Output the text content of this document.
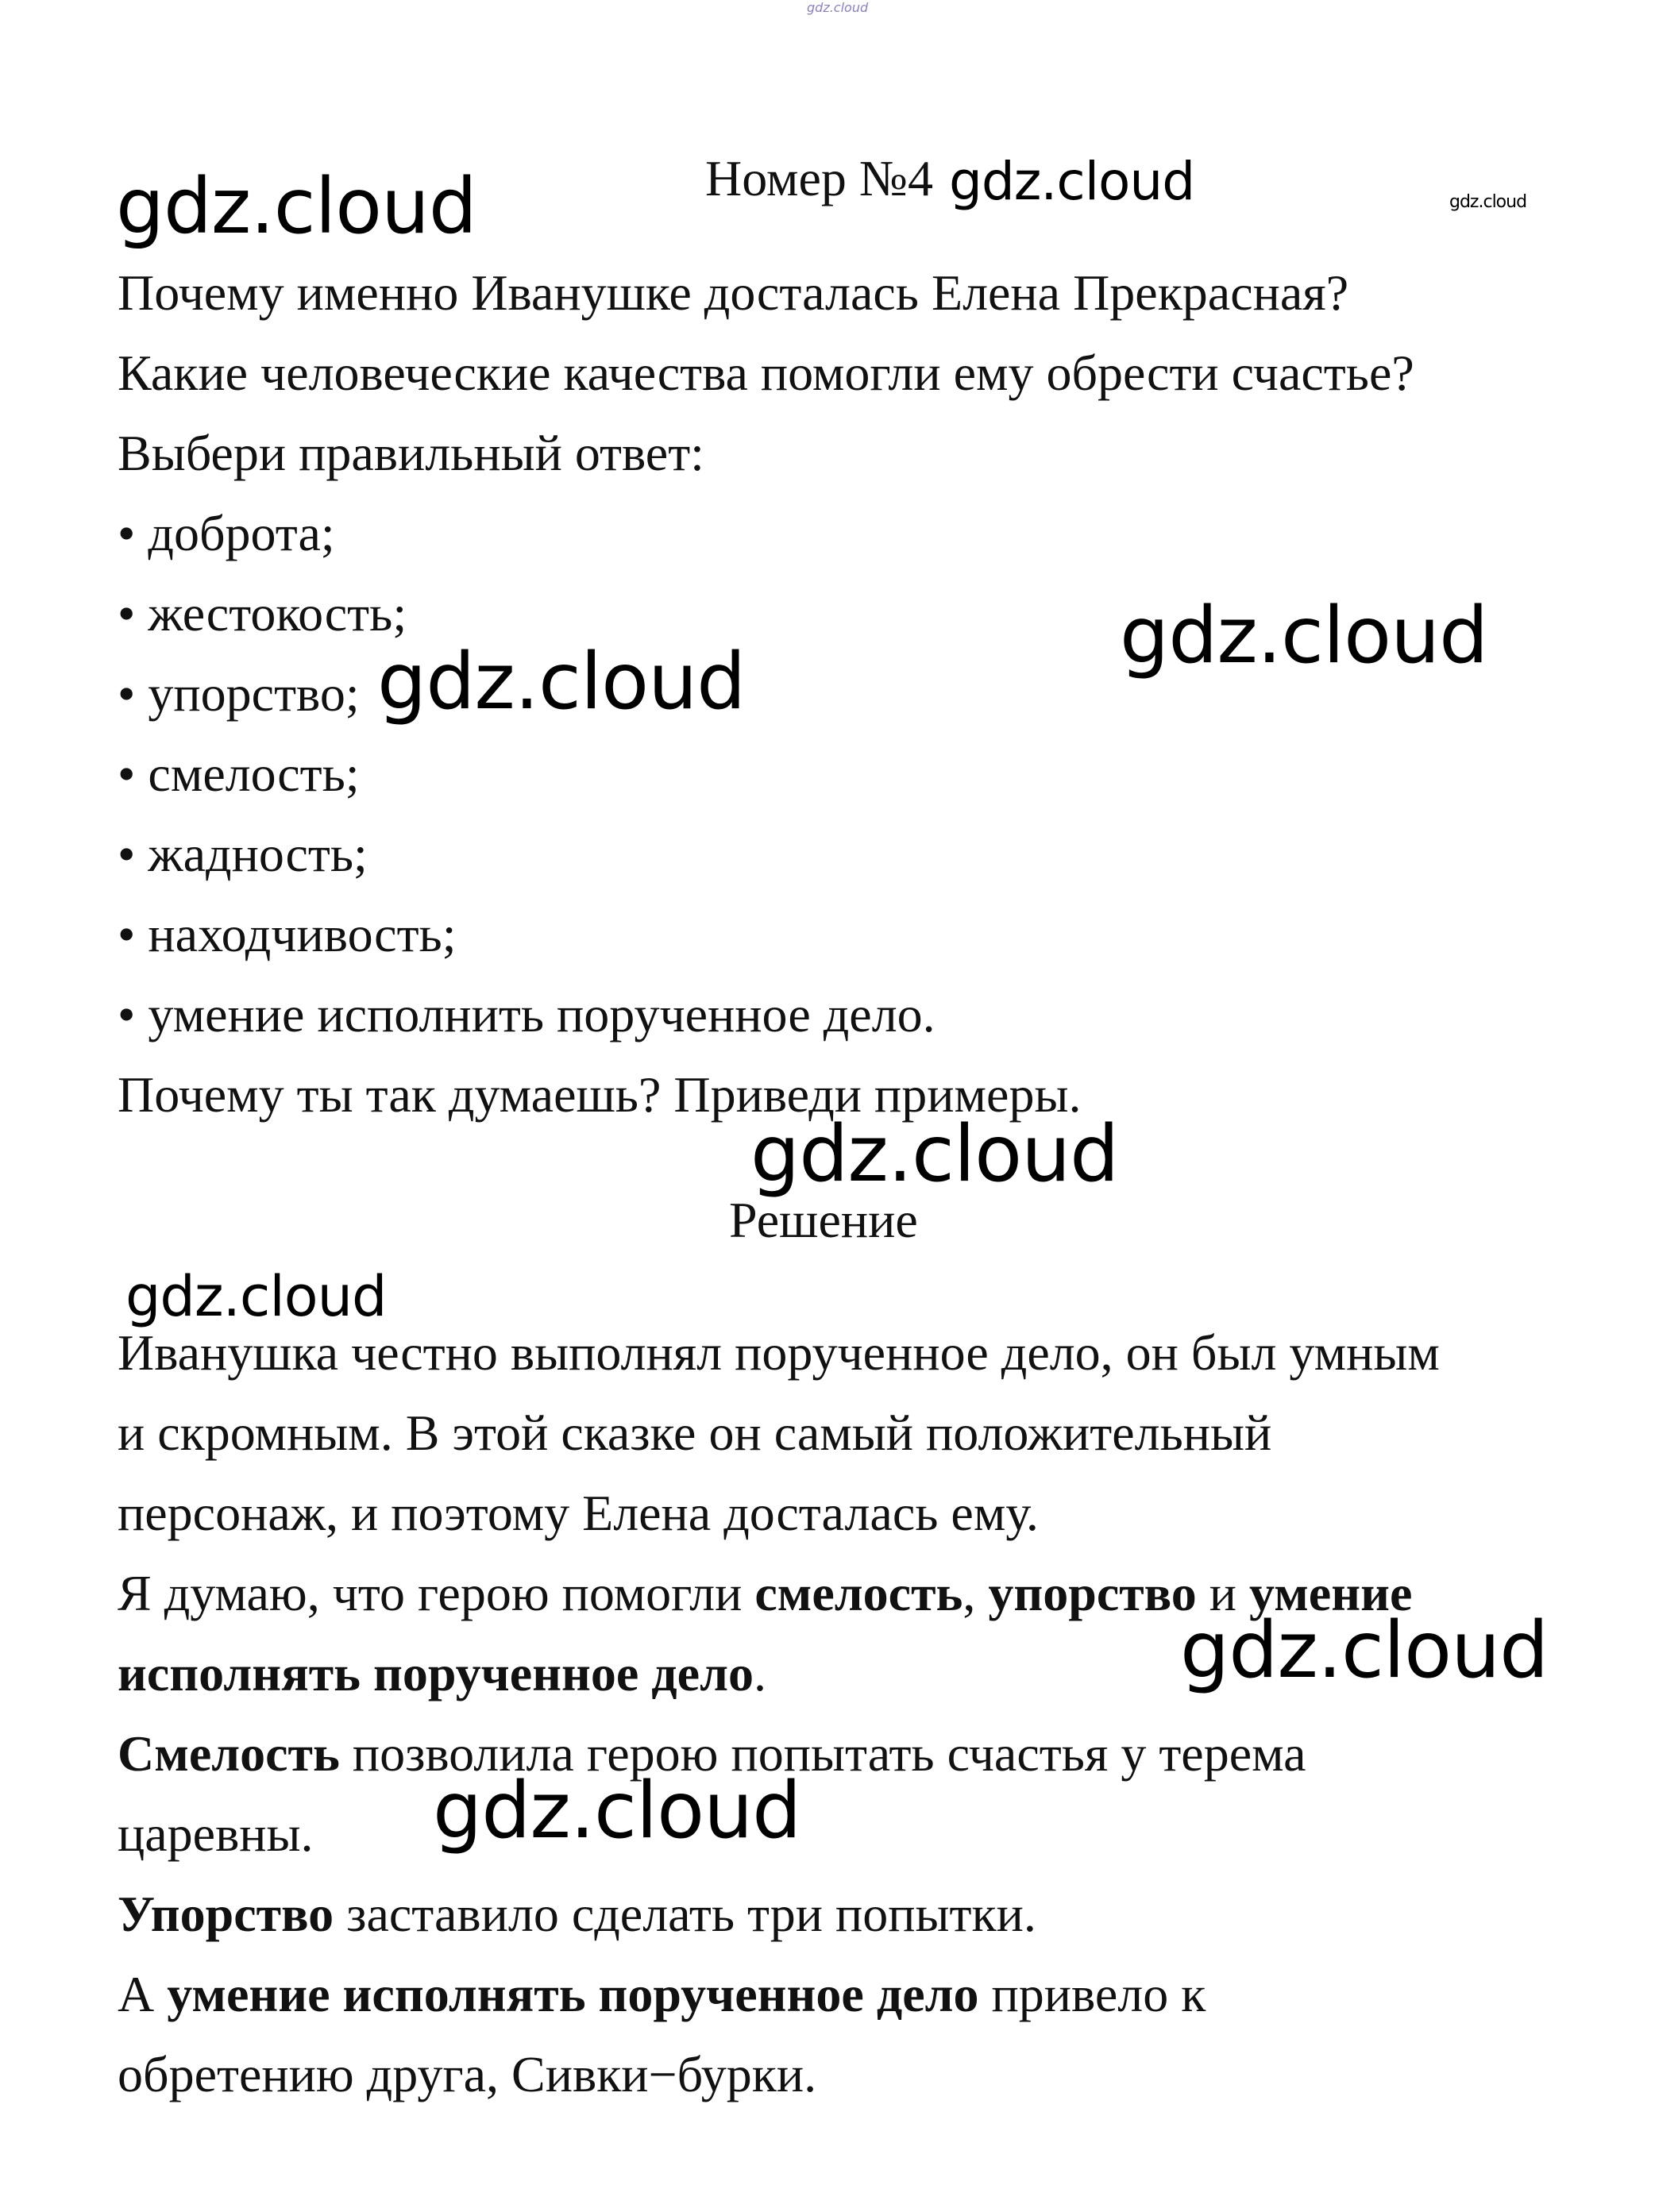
gdz.cloud
Номер №4
gdz.cloud	gdz.cloud	gdz.cloud
gdz.cloud
gdz.cloud
gdz.cloud
gdz.cloud
gdz.cloud
gdz.cloud
Почему именно Иванушке досталась Елена Прекрасная?
Какие человеческие качества помогли ему обрести счастье?
Выбери правильный ответ:
• доброта;
• жестокость;
• упорство;
• смелость;
• жадность;
• находчивость;
• умение исполнить порученное дело.
Почему ты так думаешь? Приведи примеры.
Решение
Иванушка честно выполнял порученное дело, он был умным
и скромным. В этой сказке он самый положительный
персонаж, и поэтому Елена досталась ему.
Я думаю, что герою помогли смелость, упорство и умение
исполнять порученное дело.
Смелость позволила герою попытать счастья у терема
царевны.
Упорство заставило сделать три попытки.
А умение исполнять порученное дело привело к
обретению друга, Сивки−бурки.
